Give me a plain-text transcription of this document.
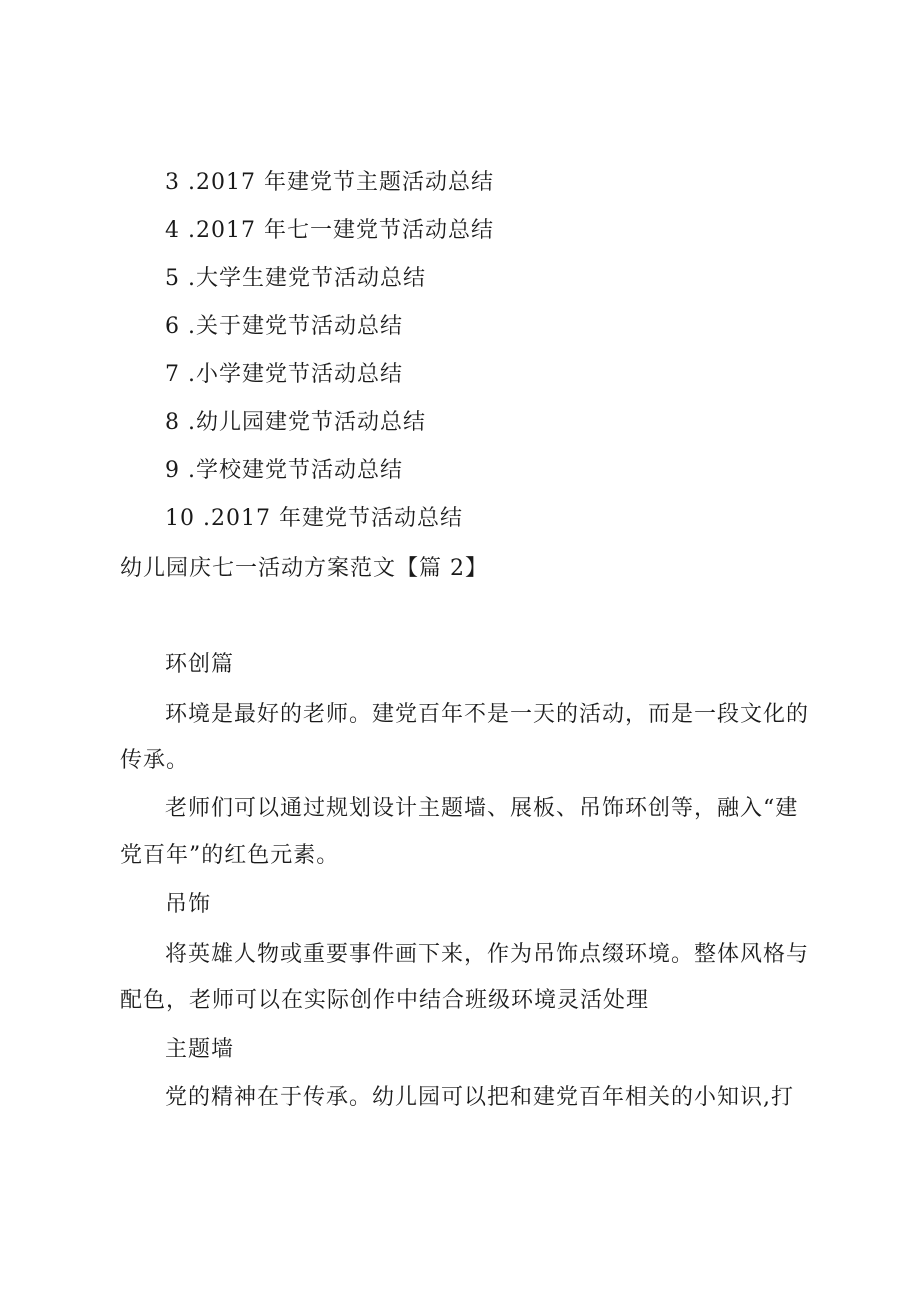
3 .2017 年建党节主题活动总结
4 .2017 年七一建党节活动总结
5 .大学生建党节活动总结
6 .关于建党节活动总结
7 .小学建党节活动总结
8 .幼儿园建党节活动总结
9 .学校建党节活动总结
10 .2017 年建党节活动总结
幼儿园庆七一活动方案范文【篇 2】
环创篇
环境是最好的老师。建党百年不是一天的活动，而是一段文化的
传承。
老师们可以通过规划设计主题墙、展板、吊饰环创等，融入“建
党百年”的红色元素。
吊饰
将英雄人物或重要事件画下来，作为吊饰点缀环境。整体风格与
配色，老师可以在实际创作中结合班级环境灵活处理
主题墙
党的精神在于传承。幼儿园可以把和建党百年相关的小知识,打
